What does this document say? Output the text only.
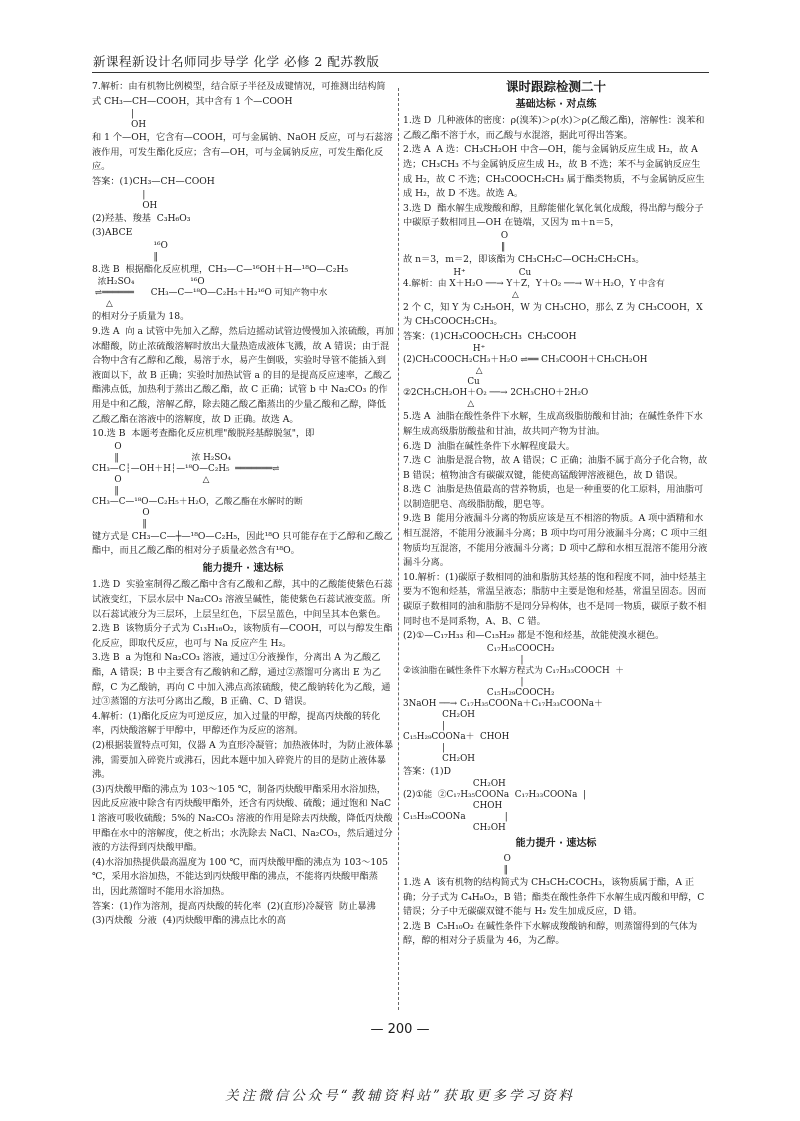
新课程新设计名师同步导学 化学 必修 2 配苏教版

7.解析：由有机物比例模型，结合原子半径及成键情况，可推测出结构简式 CH₃—CH—COOH，其中含有 1 个—COOH

|
OH

和 1 个—OH，它含有—COOH，可与金属钠、NaOH 反应，可与石蕊溶液作用，可发生酯化反应；含有—OH，可与金属钠反应，可发生酯化反应。

答案：(1)CH₃—CH—COOH

|
OH

(2)羟基、羧基  C₃H₆O₃

(3)ABCE

¹⁶O
‖

8.选 B  根据酯化反应机理，CH₃—C—¹⁶OH＋H—¹⁸O—C₂H₅

浓H₂SO₄                    ¹⁶O
⇌══════      CH₃—C—¹⁸O—C₂H₅＋H₂¹⁶O 可知产物中水
△

的相对分子质量为 18。

9.选 A  向 a 试管中先加入乙醇，然后边摇动试管边慢慢加入浓硫酸，再加冰醋酸，防止浓硫酸溶解时放出大量热造成液体飞溅，故 A 错误；由于混合物中含有乙醇和乙酸，易溶于水，易产生倒吸，实验时导管不能插入到液面以下，故 B 正确；实验时加热试管 a 的目的是提高反应速率，乙酸乙酯沸点低，加热利于蒸出乙酸乙酯，故 C 正确；试管 b 中 Na₂CO₃ 的作用是中和乙酸，溶解乙醇，除去随乙酸乙酯蒸出的少量乙酸和乙醇，降低乙酸乙酯在溶液中的溶解度，故 D 正确。故选 A。

10.选 B  本题考查酯化反应机理"酸脱羟基醇脱氢"，即

O
‖                          浓 H₂SO₄
CH₃—C┆—OH＋H┆—¹⁸O—C₂H₅  ═══════⇌
O                             △
‖
CH₃—C—¹⁸O—C₂H₅＋H₂O，乙酸乙酯在水解时的断
O
‖

键方式是 CH₃—C—┼—¹⁸O—C₂H₅，因此¹⁸O 只可能存在于乙醇和乙酸乙酯中，而且乙酸乙酯的相对分子质量必然含有¹⁸O。

能力提升 · 速达标

1.选 D  实验室制得乙酸乙酯中含有乙酸和乙醇，其中的乙酸能使紫色石蕊试液变红，下层水层中 Na₂CO₃ 溶液呈碱性，能使紫色石蕊试液变蓝。所以石蕊试液分为三层环，上层呈红色，下层呈蓝色，中间呈其本色紫色。

2.选 B  该物质分子式为 C₁₃H₁₆O₂，该物质有—COOH，可以与醇发生酯化反应，即取代反应，也可与 Na 反应产生 H₂。

3.选 B  a 为饱和 Na₂CO₃ 溶液，通过①分液操作，分离出 A 为乙酸乙酯，A 错误；B 中主要含有乙酸钠和乙醇，通过②蒸馏可分离出 E 为乙醇，C 为乙酸钠，再向 C 中加入沸点高浓硫酸，使乙酸钠转化为乙酸，通过③蒸馏的方法可分离出乙酸，B 正确、C、D 错误。

4.解析：(1)酯化反应为可逆反应，加入过量的甲醇，提高丙炔酸的转化率，丙炔酸溶解于甲醇中，甲醇还作为反应的溶剂。

(2)根据装置特点可知，仪器 A 为直形冷凝管；加热液体时，为防止液体暴沸，需要加入碎瓷片或沸石，因此本题中加入碎瓷片的目的是防止液体暴沸。

(3)丙炔酸甲酯的沸点为 103～105 ℃，制备丙炔酸甲酯采用水浴加热，因此反应液中除含有丙炔酸甲酯外，还含有丙炔酸、硫酸；通过饱和 NaCl 溶液可吸收硫酸；5%的 Na₂CO₃ 溶液的作用是除去丙炔酸，降低丙炔酸甲酯在水中的溶解度，使之析出；水洗除去 NaCl、Na₂CO₃，然后通过分液的方法得到丙炔酸甲酯。

(4)水浴加热提供最高温度为 100 ℃，而丙炔酸甲酯的沸点为 103～105 ℃，采用水浴加热，不能达到丙炔酸甲酯的沸点，不能将丙炔酸甲酯蒸出，因此蒸馏时不能用水浴加热。

答案：(1)作为溶剂，提高丙炔酸的转化率  (2)(直形)冷凝管  防止暴沸  (3)丙炔酸  分液  (4)丙炔酸甲酯的沸点比水的高

课时跟踪检测二十
基础达标 · 对点练

1.选 D  几种液体的密度：ρ(溴苯)＞ρ(水)＞ρ(乙酸乙酯)，溶解性：溴苯和乙酸乙酯不溶于水，而乙酸与水混溶，据此可得出答案。

2.选 A  A 选：CH₃CH₂OH 中含—OH，能与金属钠反应生成 H₂，故 A 选；CH₃CH₃ 不与金属钠反应生成 H₂，故 B 不选；苯不与金属钠反应生成 H₂，故 C 不选；CH₃COOCH₂CH₃ 属于酯类物质，不与金属钠反应生成 H₂，故 D 不选。故选 A。

3.选 D  酯水解生成羧酸和醇，且醇能催化氧化氧化成酸，得出醇与酸分子中碳原子数相同且—OH 在链端，又因为 m＋n＝5，

O
‖

故 n＝3，m＝2，即该酯为 CH₃CH₂C—OCH₂CH₂CH₃。

H⁺                   Cu
4.解析：由 X＋H₂O ──→ Y＋Z，Y＋O₂ ──→ W＋H₂O，Y 中含有
△

2 个 C，知 Y 为 C₂H₅OH，W 为 CH₃CHO，那么 Z 为 CH₃COOH，X 为 CH₃COOCH₂CH₃。

答案：(1)CH₃COOCH₂CH₃  CH₃COOH

H⁺
(2)CH₃COOCH₂CH₃＋H₂O ⇌══ CH₃COOH＋CH₃CH₂OH
△
Cu
②2CH₃CH₂OH＋O₂ ──→ 2CH₃CHO＋2H₂O
△

5.选 A  油脂在酸性条件下水解，生成高级脂肪酸和甘油；在碱性条件下水解生成高级脂肪酸盐和甘油，故共同产物为甘油。

6.选 D  油脂在碱性条件下水解程度最大。

7.选 C  油脂是混合物，故 A 错误；C 正确；油脂不属于高分子化合物，故 B 错误；植物油含有碳碳双键，能使高锰酸钾溶液褪色，故 D 错误。

8.选 C  油脂是热值最高的营养物质，也是一种重要的化工原料，用油脂可以制造肥皂、高级脂肪酸，肥皂等。

9.选 B  能用分液漏斗分离的物质应该是互不相溶的物质。A 项中酒精和水相互混溶，不能用分液漏斗分离；B 项中均可用分液漏斗分离；C 项中三组物质均互混溶，不能用分液漏斗分离；D 项中乙醇和水相互混溶不能用分液漏斗分离。

10.解析：(1)碳原子数相同的油和脂肪其烃基的饱和程度不同，油中烃基主要为不饱和烃基，常温呈液态；脂肪中主要是饱和烃基，常温呈固态。因而碳原子数相同的油和脂肪不是同分异构体，也不是同一物质，碳原子数不相同时也不是同系物，A、B、C 错。

(2)①—C₁₇H₃₃ 和—C₁₅H₂₉ 都是不饱和烃基，故能使溴水褪色。

C₁₇H₃₅COOCH₂
|
②该油脂在碱性条件下水解方程式为 C₁₇H₃₃COOCH  ＋
|
C₁₅H₂₉COOCH₂
3NaOH ──→ C₁₇H₃₅COONa＋C₁₇H₃₃COONa＋
CH₂OH
|
C₁₅H₂₉COONa＋  CHOH
|
CH₂OH

答案：(1)D

CH₂OH
(2)①能  ②C₁₇H₃₅COONa  C₁₇H₃₃COONa  |
CHOH
C₁₅H₂₉COONa              |
CH₂OH
能力提升 · 速达标
O
‖

1.选 A  该有机物的结构简式为 CH₃CH₂COCH₃，该物质属于酯，A 正确；分子式为 C₄H₈O₂，B 错；酯类在酸性条件下水解生成丙酸和甲醇，C 错误；分子中无碳碳双键不能与 H₂ 发生加成反应，D 错。

2.选 B  C₅H₁₀O₂ 在碱性条件下水解成羧酸钠和醇，则蒸馏得到的气体为醇，醇的相对分子质量为 46，为乙醇。

— 200 —
关注微信公众号“教辅资料站”获取更多学习资料
